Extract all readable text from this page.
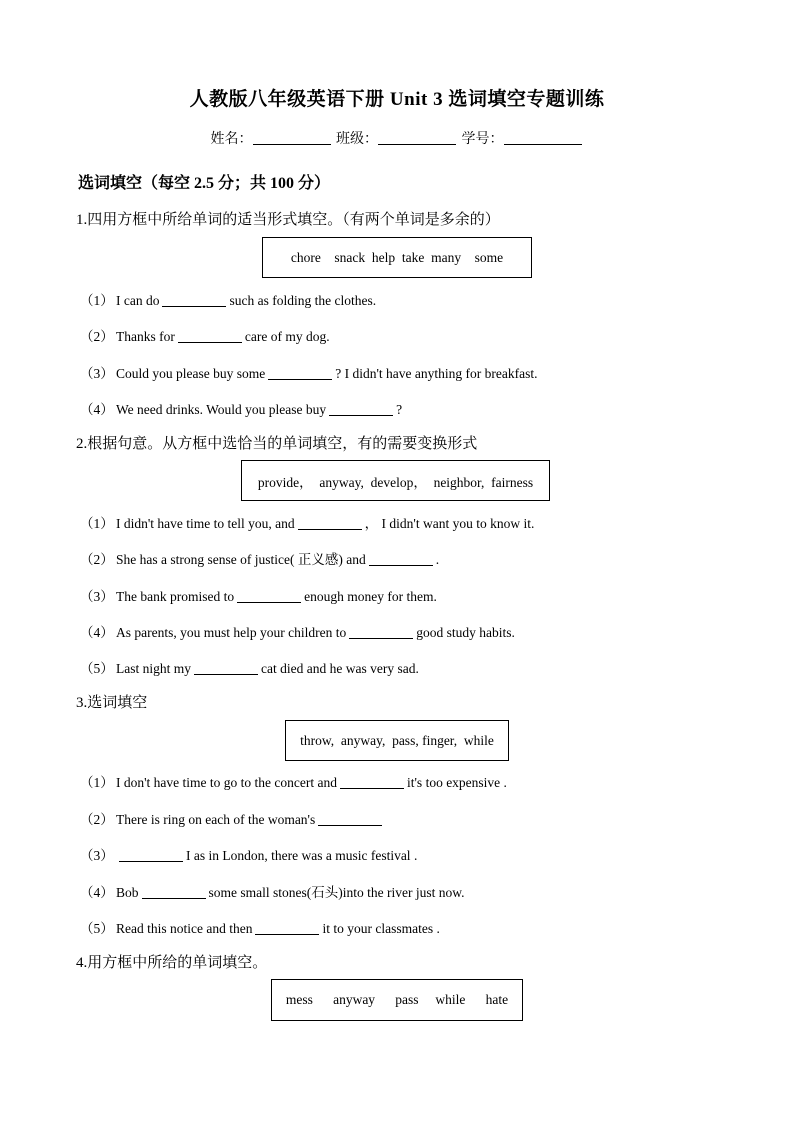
人教版八年级英语下册 Unit 3 选词填空专题训练
姓名：	班级：	学号：
选词填空（每空 2.5 分；共 100 分）
1.四用方框中所给单词的适当形式填空。（有两个单词是多余的）
chore    snack  help  take  many    some
（1） I can do	such as folding the clothes.
（2） Thanks for	care of my dog.
（3） Could you please buy some	? I didn't have anything for breakfast.
（4） We need drinks. Would you please buy	?
2.根据句意。从方框中选恰当的单词填空，有的需要变换形式
provide，  anyway,  develop，  neighbor,  fairness
（1） I didn't have time to tell you, and	， I didn't want you to know it.
（2） She has a strong sense of justice( 正义感) and	.
（3） The bank promised to	enough money for them.
（4） As parents, you must help your children to	good study habits.
（5） Last night my	cat died and he was very sad.
3.选词填空
throw,  anyway,  pass, finger,  while
（1） I don't have time to go to the concert and	it's too expensive .
（2） There is ring on each of the woman's
（3）	I as in London, there was a music festival .
（4） Bob	some small stones(石头)into the river just now.
（5） Read this notice and then	it to your classmates .
4.用方框中所给的单词填空。
mess      anyway      pass     while      hate
